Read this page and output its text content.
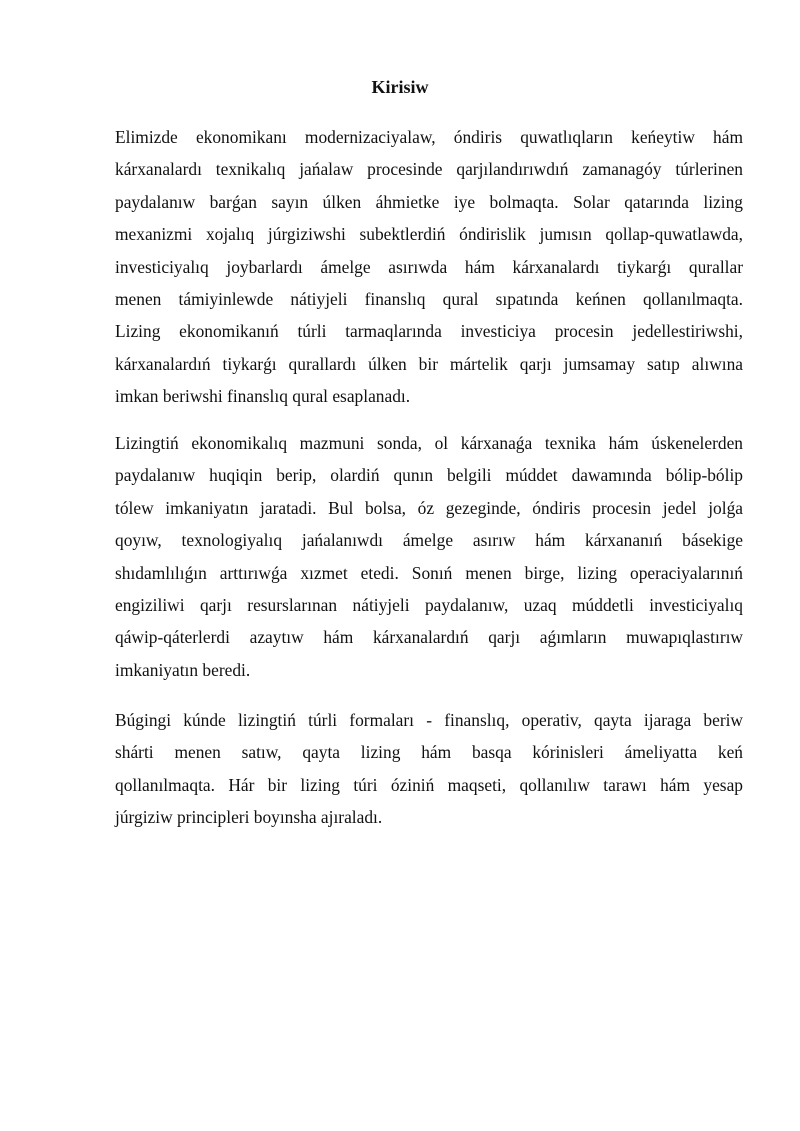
Kirisiw
Elimizde ekonomikanı modernizaciyalaw, óndiris quwatlıqların keńeytiw hám
kárxanalardı texnikalıq jańalaw procesinde qarjılandırıwdıń zamanagóy túrlerinen
paydalanıw barǵan sayın úlken áhmietke iye bolmaqta. Solar qatarında lizing
mexanizmi xojalıq júrgiziwshi subektlerdiń óndirislik jumısın qollap-quwatlawda,
investiciyalıq joybarlardı ámelge asırıwda hám kárxanalardı tiykarǵı qurallar
menen támiyinlewde nátiyjeli finanslıq qural sıpatında keńnen qollanılmaqta.
Lizing ekonomikanıń túrli tarmaqlarında investiciya procesin jedellestiriwshi,
kárxanalardıń tiykarǵı qurallardı úlken bir mártelik qarjı jumsamay satıp alıwına
imkan beriwshi finanslıq qural esaplanadı.
Lizingtiń ekonomikalıq mazmuni sonda, ol kárxanaǵa texnika hám úskenelerden
paydalanıw huqiqin berip, olardiń qunın belgili múddet dawamında bólip-bólip
tólew imkaniyatın jaratadi. Bul bolsa, óz gezeginde, óndiris procesin jedel jolǵa
qoyıw, texnologiyalıq jańalanıwdı ámelge asırıw hám kárxananıń básekige
shıdamlılıǵın arttırıwǵa xızmet etedi. Sonıń menen birge, lizing operaciyalarınıń
engiziliwi qarjı resurslarınan nátiyjeli paydalanıw, uzaq múddetli investiciyalıq
qáwip-qáterlerdi azaytıw hám kárxanalardıń qarjı aǵımların muwapıqlastırıw
imkaniyatın beredi.
Búgingi kúnde lizingtiń túrli formaları - finanslıq, operativ, qayta ijaraga beriw
shárti menen satıw, qayta lizing hám basqa kórinisleri ámeliyatta keń
qollanılmaqta. Hár bir lizing túri óziniń maqseti, qollanılıw tarawı hám yesap
júrgiziw principleri boyınsha ajıraladı.
